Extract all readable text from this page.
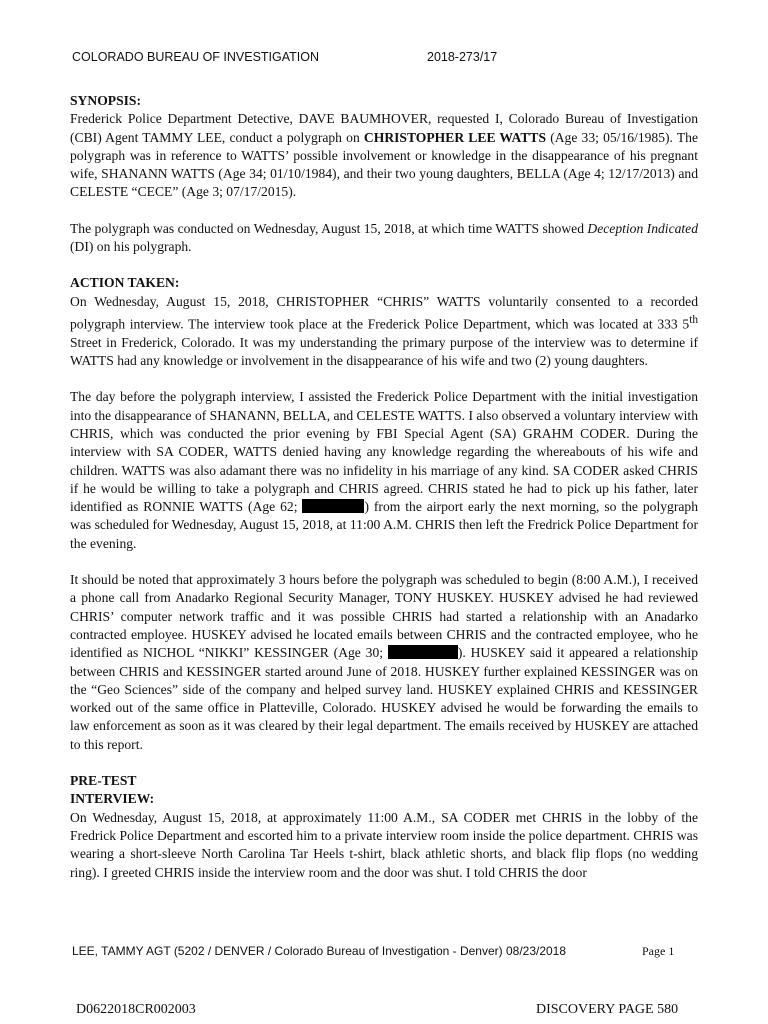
COLORADO BUREAU OF INVESTIGATION	2018-273/17

SYNOPSIS:

Frederick Police Department Detective, DAVE BAUMHOVER, requested I, Colorado Bureau of Investigation (CBI) Agent TAMMY LEE, conduct a polygraph on CHRISTOPHER LEE WATTS (Age 33; 05/16/1985). The polygraph was in reference to WATTS’ possible involvement or knowledge in the disappearance of his pregnant wife, SHANANN WATTS (Age 34; 01/10/1984), and their two young daughters, BELLA (Age 4; 12/17/2013) and CELESTE “CECE” (Age 3; 07/17/2015).

The polygraph was conducted on Wednesday, August 15, 2018, at which time WATTS showed Deception Indicated (DI) on his polygraph.

ACTION TAKEN:

On Wednesday, August 15, 2018, CHRISTOPHER “CHRIS” WATTS voluntarily consented to a recorded polygraph interview. The interview took place at the Frederick Police Department, which was located at 333 5th Street in Frederick, Colorado. It was my understanding the primary purpose of the interview was to determine if WATTS had any knowledge or involvement in the disappearance of his wife and two (2) young daughters.

The day before the polygraph interview, I assisted the Frederick Police Department with the initial investigation into the disappearance of SHANANN, BELLA, and CELESTE WATTS. I also observed a voluntary interview with CHRIS, which was conducted the prior evening by FBI Special Agent (SA) GRAHM CODER. During the interview with SA CODER, WATTS denied having any knowledge regarding the whereabouts of his wife and children. WATTS was also adamant there was no infidelity in his marriage of any kind. SA CODER asked CHRIS if he would be willing to take a polygraph and CHRIS agreed. CHRIS stated he had to pick up his father, later identified as RONNIE WATTS (Age 62;	) from the airport early the next morning, so the polygraph was scheduled for Wednesday, August 15, 2018, at 11:00 A.M. CHRIS then left the Fredrick Police Department for the evening.

It should be noted that approximately 3 hours before the polygraph was scheduled to begin (8:00 A.M.), I received a phone call from Anadarko Regional Security Manager, TONY HUSKEY. HUSKEY advised he had reviewed CHRIS’ computer network traffic and it was possible CHRIS had started a relationship with an Anadarko contracted employee. HUSKEY advised he located emails between CHRIS and the contracted employee, who he identified as NICHOL “NIKKI” KESSINGER (Age 30;	). HUSKEY said it appeared a relationship between CHRIS and KESSINGER started around June of 2018. HUSKEY further explained KESSINGER was on the “Geo Sciences” side of the company and helped survey land. HUSKEY explained CHRIS and KESSINGER worked out of the same office in Platteville, Colorado. HUSKEY advised he would be forwarding the emails to law enforcement as soon as it was cleared by their legal department. The emails received by HUSKEY are attached to this report.

PRE-TEST
INTERVIEW:

On Wednesday, August 15, 2018, at approximately 11:00 A.M., SA CODER met CHRIS in the lobby of the Fredrick Police Department and escorted him to a private interview room inside the police department. CHRIS was wearing a short-sleeve North Carolina Tar Heels t-shirt, black athletic shorts, and black flip flops (no wedding ring). I greeted CHRIS inside the interview room and the door was shut. I told CHRIS the door

LEE, TAMMY AGT (5202 / DENVER / Colorado Bureau of Investigation - Denver) 08/23/2018	Page 1
D0622018CR002003	DISCOVERY PAGE 580
